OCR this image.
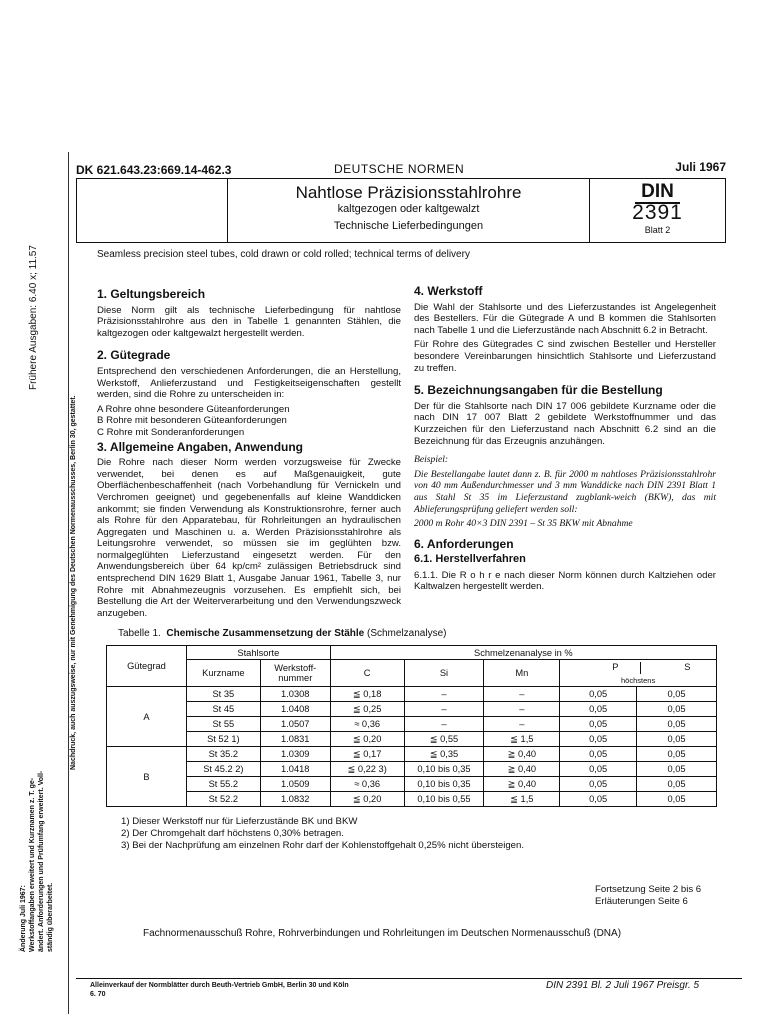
Frühere Ausgaben: 6.40 x; 11.57
Nachdruck, auch auszugsweise, nur mit Genehmigung des Deutschen Normenausschusses, Berlin 30, gestattet.
Änderung Juli 1967: Werkstoffangaben erweitert und Kurznamen z. T. ge- ändert. Anforderungen und Prüfumfang erweitert. Voll- ständig überarbeitet.
DK 621.643.23:669.14-462.3	DEUTSCHE NORMEN	Juli 1967
Nahtlose Präzisionsstahlrohre
kaltgezogen oder kaltgewalzt
Technische Lieferbedingungen
DIN
2391
Blatt 2
Seamless precision steel tubes, cold drawn or cold rolled; technical terms of delivery
1. Geltungsbereich

Diese Norm gilt als technische Lieferbedingung für nahtlose Präzisionsstahlrohre aus den in Tabelle 1 genannten Stählen, die kaltgezogen oder kaltgewalzt hergestellt werden.

2. Gütegrade

Entsprechend den verschiedenen Anforderungen, die an Herstellung, Werkstoff, Anlieferzustand und Festigkeitseigenschaften gestellt werden, sind die Rohre zu unterscheiden in:

A Rohre ohne besondere Güteanforderungen

B Rohre mit besonderen Güteanforderungen

C Rohre mit Sonderanforderungen

3. Allgemeine Angaben, Anwendung

Die Rohre nach dieser Norm werden vorzugsweise für Zwecke verwendet, bei denen es auf Maßgenauigkeit, gute Oberflächenbeschaffenheit (nach Vorbehandlung für Vernickeln und Verchromen geeignet) und gegebenenfalls auf kleine Wanddicken ankommt; sie finden Verwendung als Konstruktionsrohre, ferner auch als Rohre für den Apparatebau, für Rohrleitungen an hydraulischen Aggregaten und Maschinen u. a. Werden Präzisionsstahlrohre als Leitungsrohre verwendet, so müssen sie im geglühten bzw. normalgeglühten Lieferzustand eingesetzt werden. Für den Anwendungsbereich über 64 kp/cm² zulässigen Betriebsdruck sind entsprechend DIN 1629 Blatt 1, Ausgabe Januar 1961, Tabelle 3, nur Rohre mit Abnahmezeugnis vorzusehen. Es empfiehlt sich, bei Bestellung die Art der Weiterverarbeitung und den Verwendungszweck anzugeben.

4. Werkstoff

Die Wahl der Stahlsorte und des Lieferzustandes ist Angelegenheit des Bestellers. Für die Gütegrade A und B kommen die Stahlsorten nach Tabelle 1 und die Lieferzustände nach Abschnitt 6.2 in Betracht.

Für Rohre des Gütegrades C sind zwischen Besteller und Hersteller besondere Vereinbarungen hinsichtlich Stahlsorte und Lieferzustand zu treffen.

5. Bezeichnungsangaben für die Bestellung

Der für die Stahlsorte nach DIN 17 006 gebildete Kurzname oder die nach DIN 17 007 Blatt 2 gebildete Werkstoffnummer und das Kurzzeichen für den Lieferzustand nach Abschnitt 6.2 sind an die Bezeichnung für das Erzeugnis anzuhängen.

Beispiel:

Die Bestellangabe lautet dann z. B. für 2000 m nahtloses Präzisionsstahlrohr von 40 mm Außendurchmesser und 3 mm Wanddicke nach DIN 2391 Blatt 1 aus Stahl St 35 im Lieferzustand zugblank-weich (BKW), das mit Ablieferungsprüfung geliefert werden soll:

2000 m Rohr 40×3 DIN 2391 – St 35 BKW mit Abnahme

6. Anforderungen
6.1. Herstellverfahren

6.1.1. Die R o h r e nach dieser Norm können durch Kaltziehen oder Kaltwalzen hergestellt werden.

Tabelle 1. Chemische Zusammensetzung der Stähle (Schmelzanalyse)
Gütegrad	Stahlsorte		Schmelzenanalyse in %				
	Kurzname	Werkstoff-
nummer	C	Si	Mn	P S
höchstens	

A	St 35	1.0308	≦ 0,18	–	–	0,05	0,05
	St 45	1.0408	≦ 0,25	–	–	0,05	0,05
	St 55	1.0507	≈ 0,36	–	–	0,05	0,05
	St 52 1)	1.0831	≦ 0,20	≦ 0,55	≦ 1,5	0,05	0,05
B	St 35.2	1.0309	≦ 0,17	≦ 0,35	≧ 0,40	0,05	0,05
	St 45.2 2)	1.0418	≦ 0,22 3)	0,10 bis 0,35	≧ 0,40	0,05	0,05
	St 55.2	1.0509	≈ 0,36	0,10 bis 0,35	≧ 0,40	0,05	0,05
	St 52.2	1.0832	≦ 0,20	0,10 bis 0,55	≦ 1,5	0,05	0,05
1) Dieser Werkstoff nur für Lieferzustände BK und BKW
2) Der Chromgehalt darf höchstens 0,30% betragen.
3) Bei der Nachprüfung am einzelnen Rohr darf der Kohlenstoffgehalt 0,25% nicht übersteigen.
Fortsetzung Seite 2 bis 6
Erläuterungen Seite 6
Fachnormenausschuß Rohre, Rohrverbindungen und Rohrleitungen im Deutschen Normenausschuß (DNA)
Alleinverkauf der Normblätter durch Beuth-Vertrieb GmbH, Berlin 30 und Köln
6. 70
DIN 2391 Bl. 2 Juli 1967 Preisgr. 5
